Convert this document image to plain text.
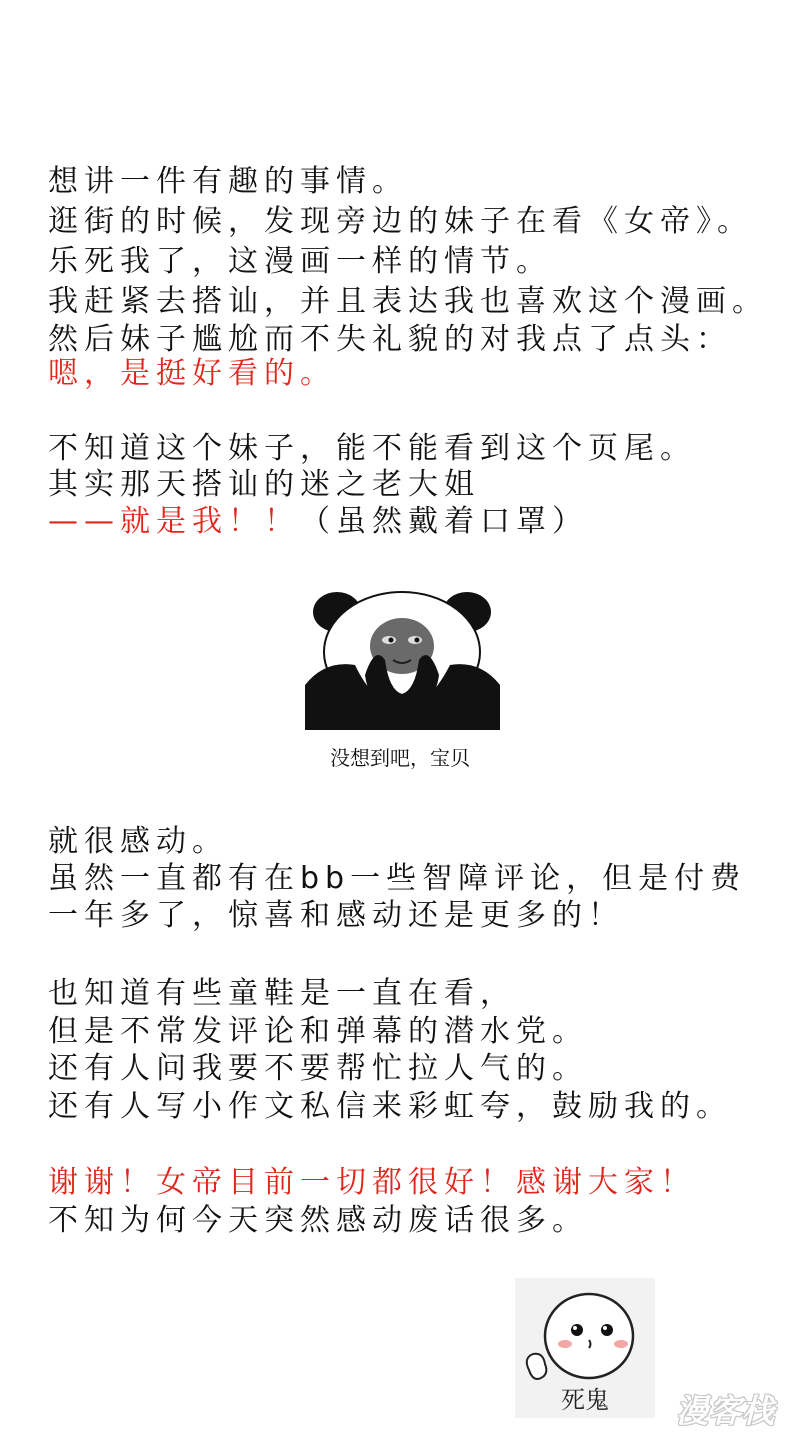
想讲一件有趣的事情。
逛街的时候，发现旁边的妹子在看《女帝》。
乐死我了，这漫画一样的情节。
我赶紧去搭讪，并且表达我也喜欢这个漫画。
然后妹子尴尬而不失礼貌的对我点了点头：
嗯，是挺好看的。
不知道这个妹子，能不能看到这个页尾。
其实那天搭讪的迷之老大姐
——就是我！！（虽然戴着口罩）
没想到吧，宝贝
就很感动。
虽然一直都有在bb一些智障评论，但是付费
一年多了，惊喜和感动还是更多的！
也知道有些童鞋是一直在看，
但是不常发评论和弹幕的潜水党。
还有人问我要不要帮忙拉人气的。
还有人写小作文私信来彩虹夸，鼓励我的。
谢谢！女帝目前一切都很好！感谢大家！
不知为何今天突然感动废话很多。
死鬼 漫客栈
